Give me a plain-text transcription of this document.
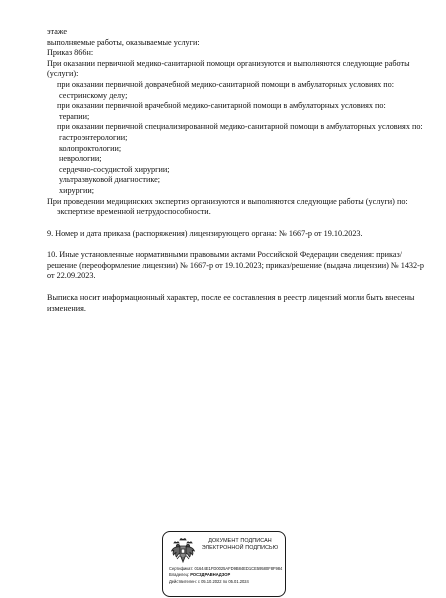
этаже

выполняемые работы, оказываемые услуги:

Приказ 866н:

При оказании первичной медико-санитарной помощи организуются и выполняются следующие работы (услуги):

при оказании первичной доврачебной медико-санитарной помощи в амбулаторных условиях по:

сестринскому делу;

при оказании первичной врачебной медико-санитарной помощи в амбулаторных условиях по:

терапии;

при оказании первичной специализированной медико-санитарной помощи в амбулаторных условиях по:

гастроэнтерологии;

колопроктологии;

неврологии;

сердечно-сосудистой хирургии;

ультразвуковой диагностике;

хирургии;

При проведении медицинских экспертиз организуются и выполняются следующие работы (услуги) по:

экспертизе временной нетрудоспособности.

9. Номер и дата приказа (распоряжения) лицензирующего органа: № 1667-р от 19.10.2023.

10. Иные установленные нормативными правовыми актами Российской Федерации сведения: приказ/решение (переоформление лицензии) № 1667-р от 19.10.2023; приказ/решение (выдача лицензии) № 1432-р от 22.09.2023.

Выписка носит информационный характер, после ее составления в реестр лицензий могли быть внесены изменения.

ДОКУМЕНТ ПОДПИСАН
ЭЛЕКТРОННОЙ ПОДПИСЬЮ
Сертификат: 01644E1FD0025AFD9B84ED1CE59580F8F984
Владелец: РОСЗДРАВНАДЗОР
Действителен: с 05.10.2022 по 05.01.2024
